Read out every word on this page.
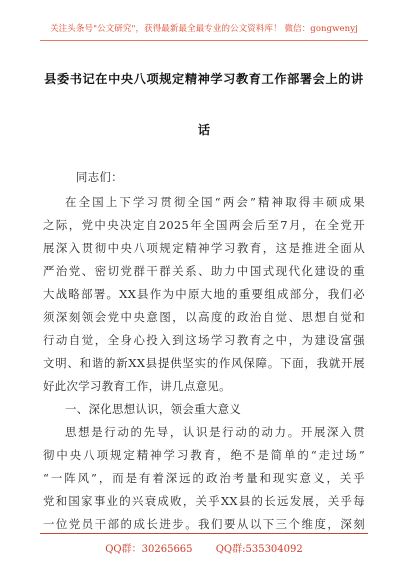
关注头条号"公文研究"，获得最新最全最专业的公文资料库！ 微信：gongwenyj
县委书记在中央八项规定精神学习教育工作部署会上的讲
话
同志们：
在全国上下学习贯彻全国“两会”精神取得丰硕成果
之际，党中央决定自2025年全国两会后至7月，在全党开
展深入贯彻中央八项规定精神学习教育，这是推进全面从
严治党、密切党群干群关系、助力中国式现代化建设的重
大战略部署。XX县作为中原大地的重要组成部分，我们必
须深刻领会党中央意图，以高度的政治自觉、思想自觉和
行动自觉，全身心投入到这场学习教育之中，为建设富强
文明、和谐的新XX县提供坚实的作风保障。下面，我就开展
好此次学习教育工作，讲几点意见。
一、深化思想认识，领会重大意义
思想是行动的先导，认识是行动的动力。开展深入贯
彻中央八项规定精神学习教育，绝不是简单的“走过场”
“一阵风”，而是有着深远的政治考量和现实意义，关乎
党和国家事业的兴衰成败，关乎XX县的长远发展，关乎每
一位党员干部的成长进步。我们要从以下三个维度，深刻
QQ群：30265665 QQ群:535304092
